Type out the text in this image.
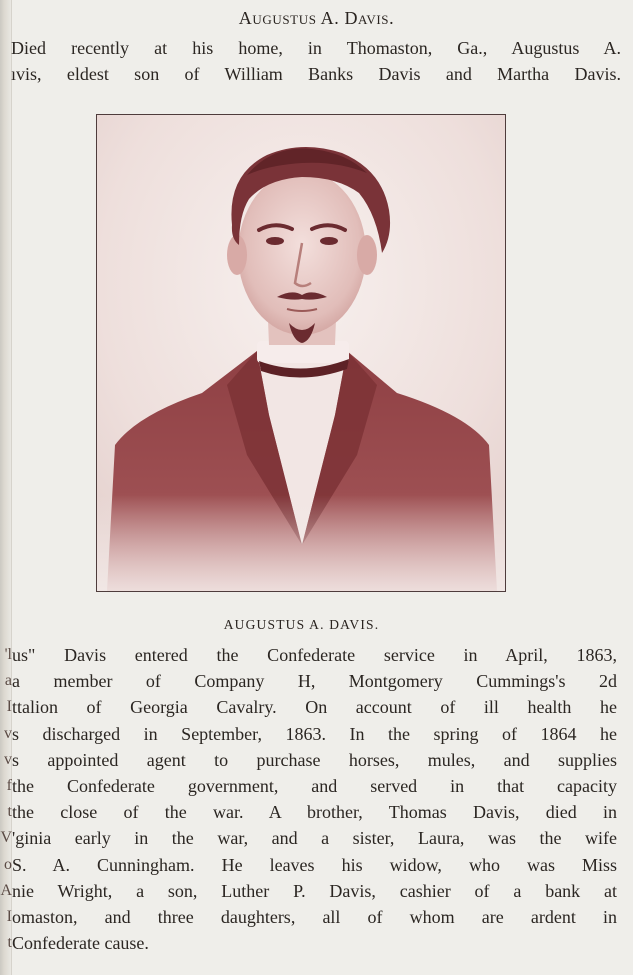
Augustus A. Davis.
Died recently at his home, in Thomaston, Ga., Augustus A.
ıvis, eldest son of William Banks Davis and Martha Davis.
AUGUSTUS A. DAVIS.
'l
a
I
v
v
f
t
V
o
A
I
t
us" Davis entered the Confederate service in April, 1863,
a member of Company H, Montgomery Cummings's 2d
ttalion of Georgia Cavalry. On account of ill health he
s discharged in September, 1863. In the spring of 1864 he
s appointed agent to purchase horses, mules, and supplies
the Confederate government, and served in that capacity
the close of the war. A brother, Thomas Davis, died in
'ginia early in the war, and a sister, Laura, was the wife
S. A. Cunningham. He leaves his widow, who was Miss
nie Wright, a son, Luther P. Davis, cashier of a bank at
omaston, and three daughters, all of whom are ardent in
Confederate cause.
